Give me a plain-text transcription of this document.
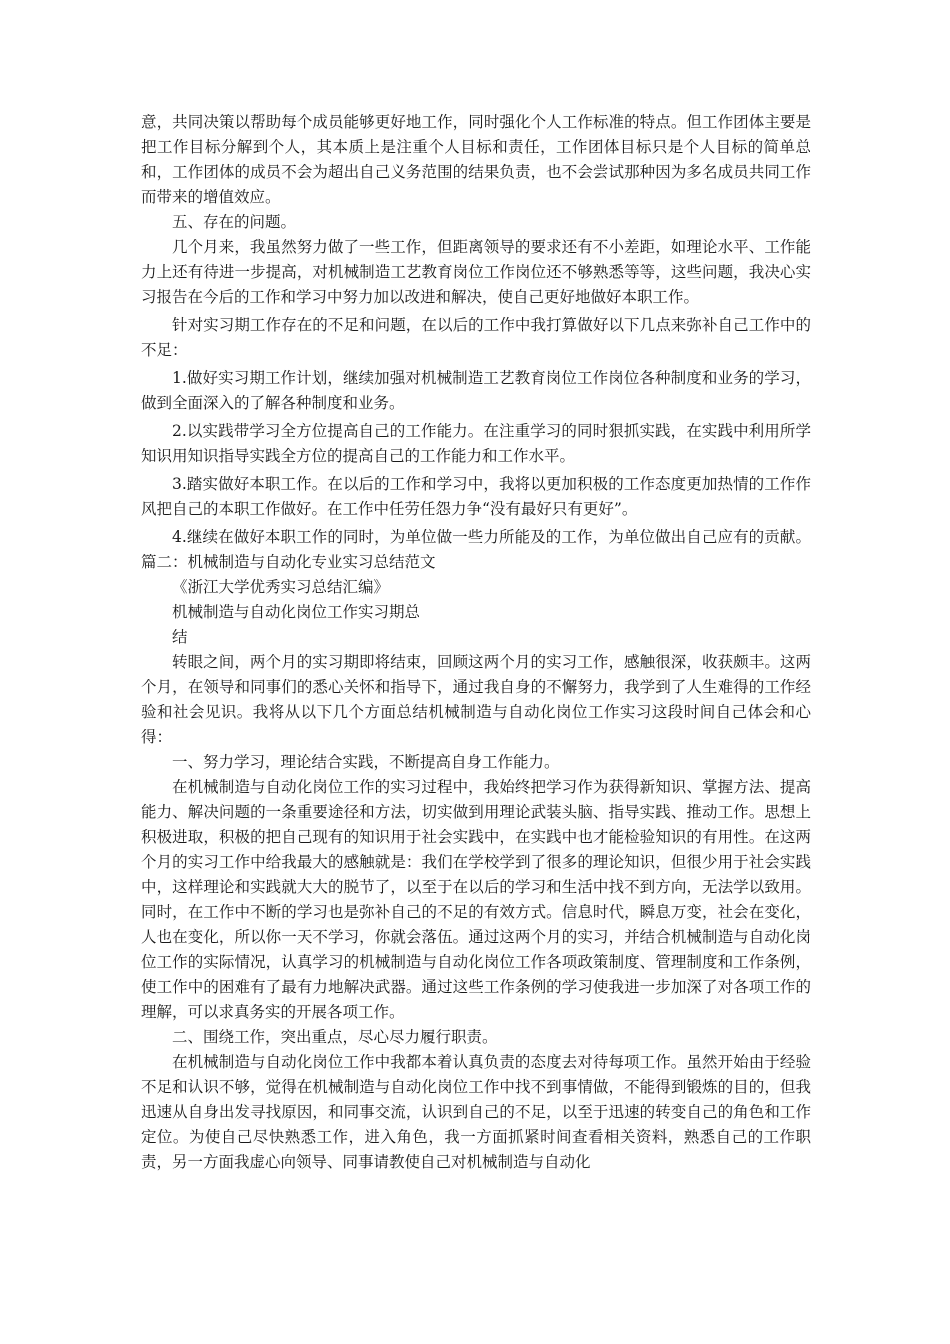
意，共同决策以帮助每个成员能够更好地工作，同时强化个人工作标准的特点。但工作团体主要是把工作目标分解到个人，其本质上是注重个人目标和责任，工作团体目标只是个人目标的简单总和，工作团体的成员不会为超出自己义务范围的结果负责，也不会尝试那种因为多名成员共同工作而带来的增值效应。

五、存在的问题。

几个月来，我虽然努力做了一些工作，但距离领导的要求还有不小差距，如理论水平、工作能力上还有待进一步提高，对机械制造工艺教育岗位工作岗位还不够熟悉等等，这些问题，我决心实习报告在今后的工作和学习中努力加以改进和解决，使自己更好地做好本职工作。

针对实习期工作存在的不足和问题，在以后的工作中我打算做好以下几点来弥补自己工作中的不足：

1.做好实习期工作计划，继续加强对机械制造工艺教育岗位工作岗位各种制度和业务的学习，做到全面深入的了解各种制度和业务。

2.以实践带学习全方位提高自己的工作能力。在注重学习的同时狠抓实践，在实践中利用所学知识用知识指导实践全方位的提高自己的工作能力和工作水平。

3.踏实做好本职工作。在以后的工作和学习中，我将以更加积极的工作态度更加热情的工作作风把自己的本职工作做好。在工作中任劳任怨力争“没有最好只有更好”。

4.继续在做好本职工作的同时，为单位做一些力所能及的工作，为单位做出自己应有的贡献。篇二：机械制造与自动化专业实习总结范文

《浙江大学优秀实习总结汇编》

机械制造与自动化岗位工作实习期总

结

转眼之间，两个月的实习期即将结束，回顾这两个月的实习工作，感触很深，收获颇丰。这两个月，在领导和同事们的悉心关怀和指导下，通过我自身的不懈努力，我学到了人生难得的工作经验和社会见识。我将从以下几个方面总结机械制造与自动化岗位工作实习这段时间自己体会和心得：

一、努力学习，理论结合实践，不断提高自身工作能力。

在机械制造与自动化岗位工作的实习过程中，我始终把学习作为获得新知识、掌握方法、提高能力、解决问题的一条重要途径和方法，切实做到用理论武装头脑、指导实践、推动工作。思想上积极进取，积极的把自己现有的知识用于社会实践中，在实践中也才能检验知识的有用性。在这两个月的实习工作中给我最大的感触就是：我们在学校学到了很多的理论知识，但很少用于社会实践中，这样理论和实践就大大的脱节了，以至于在以后的学习和生活中找不到方向，无法学以致用。同时，在工作中不断的学习也是弥补自己的不足的有效方式。信息时代，瞬息万变，社会在变化，人也在变化，所以你一天不学习，你就会落伍。通过这两个月的实习，并结合机械制造与自动化岗位工作的实际情况，认真学习的机械制造与自动化岗位工作各项政策制度、管理制度和工作条例，使工作中的困难有了最有力地解决武器。通过这些工作条例的学习使我进一步加深了对各项工作的理解，可以求真务实的开展各项工作。

二、围绕工作，突出重点，尽心尽力履行职责。

在机械制造与自动化岗位工作中我都本着认真负责的态度去对待每项工作。虽然开始由于经验不足和认识不够，觉得在机械制造与自动化岗位工作中找不到事情做，不能得到锻炼的目的，但我迅速从自身出发寻找原因，和同事交流，认识到自己的不足，以至于迅速的转变自己的角色和工作定位。为使自己尽快熟悉工作，进入角色，我一方面抓紧时间查看相关资料，熟悉自己的工作职责，另一方面我虚心向领导、同事请教使自己对机械制造与自动化
